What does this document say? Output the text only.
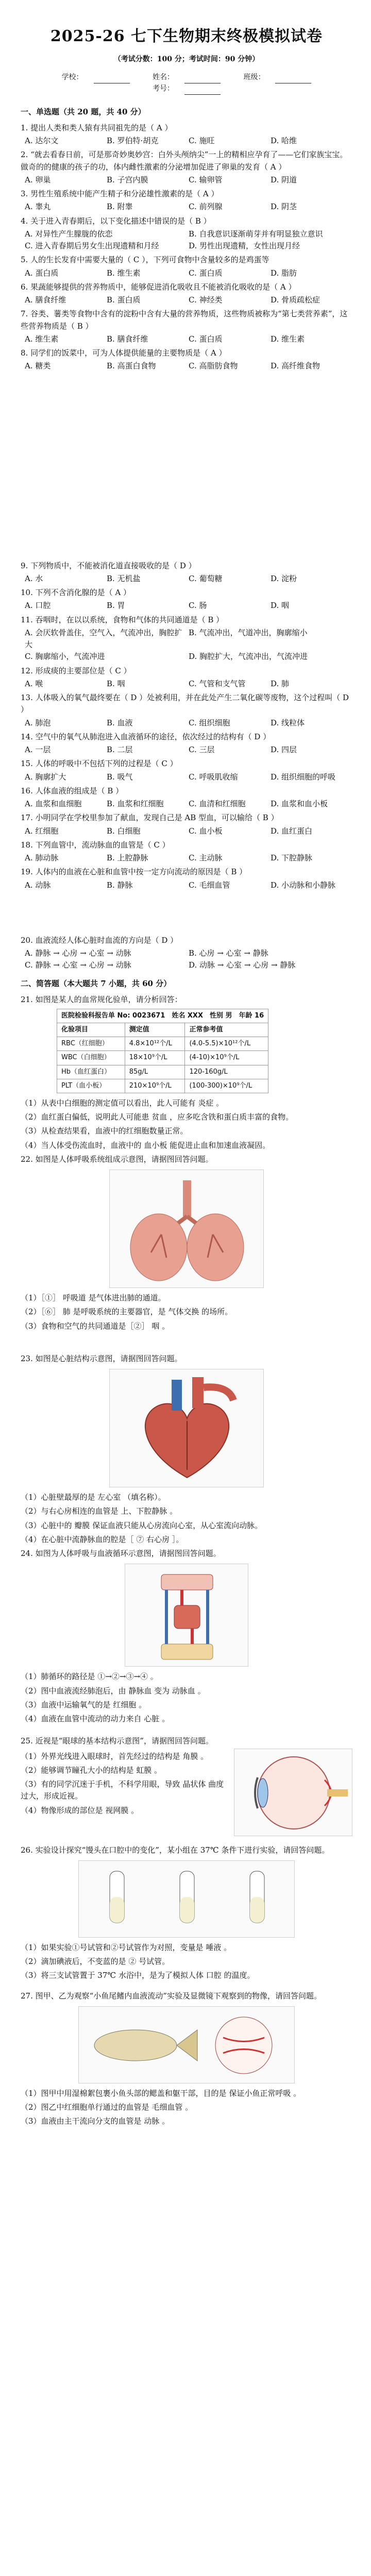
2025-26 七下生物期末终极模拟试卷
（考试分数：100 分；考试时间：90 分钟）
学校：	姓名：	班级： 考号：
一、单选题（共 20 题，共 40 分）
1. 提出人类和类人猿有共同祖先的是（ A ）
A. 达尔文	B. 罗伯特·胡克	C. 施旺	D. 哈维
2. “就去看春日前，可是那奇妙奥妙宫：白外头颅纳尖”一上的精相应孕育了——它们家族宝宝。做奇的的健康的孩子的功，体内雌性激素的分泌增加促进了卵巢的发育（ A ）
A. 卵巢	B. 子宫内膜	C. 输卵管	D. 阴道
3. 男性生殖系统中能产生精子和分泌雄性激素的是（ A ）
A. 睾丸	B. 附睾	C. 前列腺	D. 阴茎
4. 关于进入青春期后，以下变化描述中错误的是（ B ）
A. 对异性产生朦胧的依恋	B. 自我意识逐渐萌芽并有明显独立意识
C. 进入青春期后男女生出现遗精和月经	D. 男性出现遗精，女性出现月经
5. 人的生长发育中需要大量的（ C ），下列可食物中含量较多的是鸡蛋等
A. 蛋白质	B. 维生素	C. 蛋白质	D. 脂肪
6. 果蔬能够提供的营养物质中，能够促进消化吸收且不能被消化吸收的是（ A ）
A. 膳食纤维	B. 蛋白质	C. 神经类	D. 骨质疏松症
7. 谷类、薯类等食物中含有的淀粉中含有大量的营养物质，这些物质被称为“第七类营养素”，这些营养物质是（ B ）
A. 维生素	B. 膳食纤维	C. 蛋白质	D. 维生素
8. 同学们的饭菜中，可为人体提供能量的主要物质是（ A ）
A. 糖类	B. 高蛋白食物	C. 高脂肪食物	D. 高纤维食物
9. 下列物质中，不能被消化道直接吸收的是（ D ）
A. 水	B. 无机盐	C. 葡萄糖	D. 淀粉
10. 下列不含消化腺的是（ A ）
A. 口腔	B. 胃	C. 肠	D. 咽
11. 吞咽时，在以以系统，食物和气体的共同通道是（ B ）
A. 会厌软骨盖住，空气入，气流冲出，胸腔扩大
B. 气流冲出，气道冲出，胸廓缩小
C. 胸廓缩小，气流冲进	D. 胸腔扩大，气流冲出，气流冲进
12. 形成痰的主要部位是（ C ）
A. 喉	B. 咽	C. 气管和支气管	D. 肺
13. 人体吸入的氧气最终要在（ D ）处被利用，并在此处产生二氧化碳等废物，这个过程叫（ D ）
A. 肺泡	B. 血液	C. 组织细胞	D. 线粒体
14. 空气中的氧气从肺泡进入血液循环的途径，依次经过的结构有（ D ）
A. 一层	B. 二层	C. 三层	D. 四层
15. 人体的呼吸中不包括下列的过程是（ C ）
A. 胸廓扩大	B. 吸气	C. 呼吸肌收缩	D. 组织细胞的呼吸
16. 人体血液的组成是（ B ）
A. 血浆和血细胞	B. 血浆和红细胞	C. 血清和红细胞	D. 血浆和血小板
17. 小明同学在学校里参加了献血，发现自己是 AB 型血，可以输给（ B ）
A. 红细胞	B. 白细胞	C. 血小板	D. 血红蛋白
18. 下列血管中，流动脉血的血管是（ C ）
A. 肺动脉	B. 上腔静脉	C. 主动脉	D. 下腔静脉
19. 人体内的血液在心脏和血管中按一定方向流动的原因是（ B ）
A. 动脉	B. 静脉	C. 毛细血管	D. 小动脉和小静脉
20. 血液流经人体心脏时血流的方向是（ D ）
A. 静脉 → 心房 → 心室 → 动脉	B. 心房 → 心室 → 静脉
C. 静脉 → 心室 → 心房 → 动脉	D. 动脉 → 心室 → 心房 → 静脉
二、简答题（本大题共 7 小题，共 60 分）
21. 如图是某人的血常规化验单，请分析回答：
医院检验科报告单 No: 0023671　姓名 XXX　性别 男　年龄 16		
化验项目	测定值	正常参考值
RBC（红细胞）	4.8×10¹²个/L	(4.0-5.5)×10¹²个/L
WBC（白细胞）	18×10⁹个/L	(4-10)×10⁹个/L
Hb（血红蛋白）	85g/L	120-160g/L
PLT（血小板）	210×10⁹个/L	(100-300)×10⁹个/L
（1）从表中白细胞的测定值可以看出，此人可能有 炎症 。
（2）血红蛋白偏低，说明此人可能患 贫血 ，应多吃含铁和蛋白质丰富的食物。
（3）从检查结果看，血液中的红细胞数量正常。
（4）当人体受伤流血时，血液中的 血小板 能促进止血和加速血液凝固。
22. 如图是人体呼吸系统组成示意图，请据图回答问题。
（1）［①］ 呼吸道 是气体进出肺的通道。
（2）［⑥］ 肺 是呼吸系统的主要器官，是 气体交换 的场所。
（3）食物和空气的共同通道是［②］ 咽 。
23. 如图是心脏结构示意图，请据图回答问题。
（1）心脏壁最厚的是 左心室 （填名称）。
（2）与右心房相连的血管是 上、下腔静脉 。
（3）心脏中的 瓣膜 保证血液只能从心房流向心室，从心室流向动脉。
（4）在心脏中流静脉血的腔是［ ⑦ 右心房 ］。
24. 如图为人体呼吸与血液循环示意图，请据图回答问题。
（1）肺循环的路径是 ①→②→③→④ 。
（2）图中血液流经肺泡后，由 静脉血 变为 动脉血 。
（3）血液中运输氧气的是 红细胞 。
（4）血液在血管中流动的动力来自 心脏 。
25. 近视是“眼球的基本结构示意图”，请据图回答问题。
（1）外界光线进入眼球时，首先经过的结构是 角膜 。
（2）能够调节瞳孔大小的结构是 虹膜 。
（3）有的同学沉迷于手机，不科学用眼，导致 晶状体 曲度过大，形成近视。
（4）物像形成的部位是 视网膜 。
26. 实验设计探究“馒头在口腔中的变化”，某小组在 37℃ 条件下进行实验，请回答问题。
（1）如果实验①号试管和②号试管作为对照，变量是 唾液 。
（2）滴加碘液后，不变蓝的是 ② 号试管。
（3）将三支试管置于 37℃ 水浴中，是为了模拟人体 口腔 的温度。
27. 图甲、乙为观察“小鱼尾鳍内血液流动”实验及显微镜下观察到的物像，请回答问题。
（1）图甲中用湿棉絮包裹小鱼头部的鳃盖和躯干部，目的是 保证小鱼正常呼吸 。
（2）图乙中红细胞单行通过的血管是 毛细血管 。
（3）血液由主干流向分支的血管是 动脉 。
